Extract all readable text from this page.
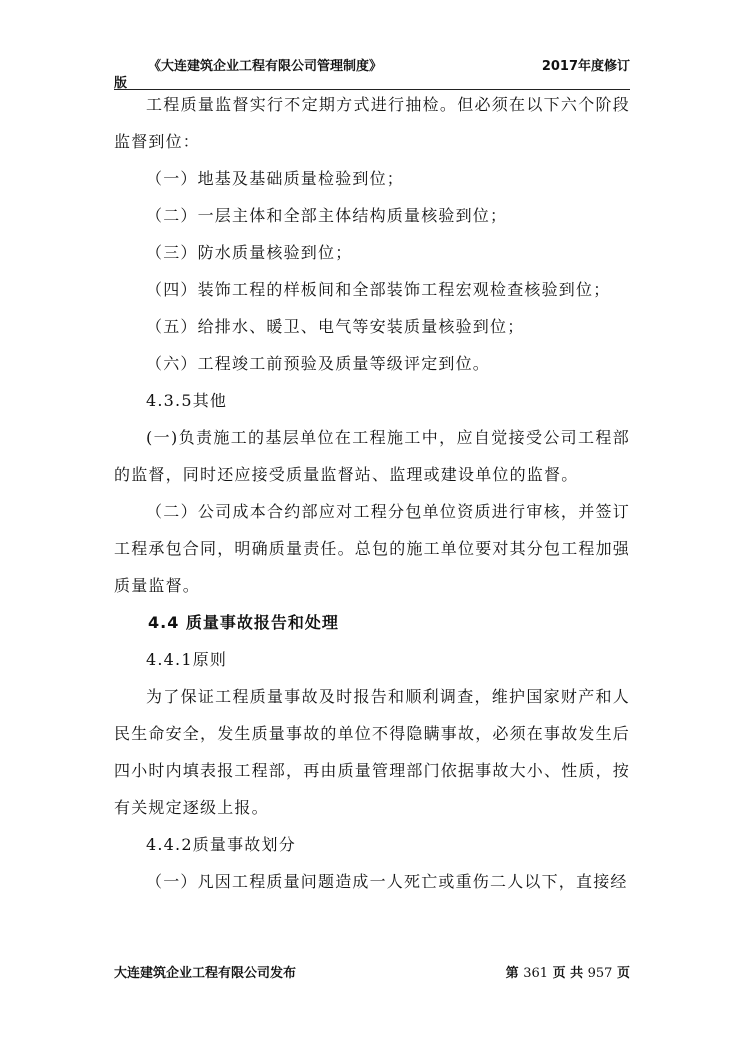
《大连建筑企业工程有限公司管理制度》	2017年度修订
版

工程质量监督实行不定期方式进行抽检。但必须在以下六个阶段监督到位：

（一）地基及基础质量检验到位；

（二）一层主体和全部主体结构质量核验到位；

（三）防水质量核验到位；

（四）装饰工程的样板间和全部装饰工程宏观检查核验到位；

（五）给排水、暖卫、电气等安装质量核验到位；

（六）工程竣工前预验及质量等级评定到位。

4.3.5其他

(一)负责施工的基层单位在工程施工中，应自觉接受公司工程部的监督，同时还应接受质量监督站、监理或建设单位的监督。

（二）公司成本合约部应对工程分包单位资质进行审核，并签订工程承包合同，明确质量责任。总包的施工单位要对其分包工程加强质量监督。

4.4 质量事故报告和处理

4.4.1原则

为了保证工程质量事故及时报告和顺利调查，维护国家财产和人民生命安全，发生质量事故的单位不得隐瞒事故，必须在事故发生后四小时内填表报工程部，再由质量管理部门依据事故大小、性质，按有关规定逐级上报。

4.4.2质量事故划分

（一）凡因工程质量问题造成一人死亡或重伤二人以下，直接经

大连建筑企业工程有限公司发布	第 361 页 共 957 页
